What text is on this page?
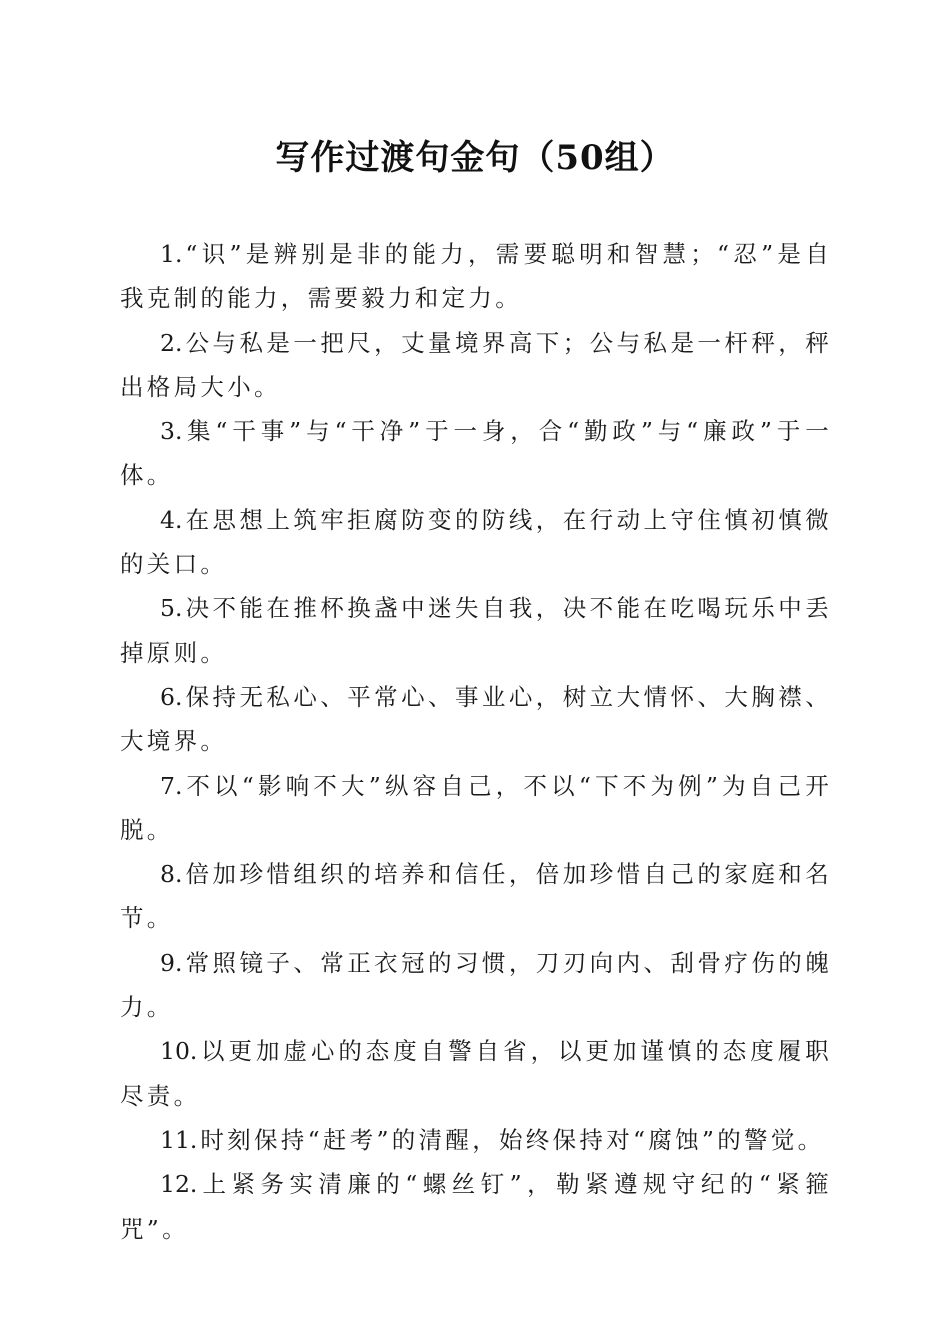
写作过渡句金句（50组）

1. “识”是辨别是非的能力，需要聪明和智慧；“忍”是自我克制的能力，需要毅力和定力。

2. 公与私是一把尺，丈量境界高下；公与私是一杆秤，秤出格局大小。

3. 集“干事”与“干净”于一身，合“勤政”与“廉政”于一体。

4. 在思想上筑牢拒腐防变的防线，在行动上守住慎初慎微的关口。

5. 决不能在推杯换盏中迷失自我，决不能在吃喝玩乐中丢掉原则。

6. 保持无私心、平常心、事业心，树立大情怀、大胸襟、大境界。

7. 不以“影响不大”纵容自己，不以“下不为例”为自己开脱。

8. 倍加珍惜组织的培养和信任，倍加珍惜自己的家庭和名节。

9. 常照镜子、常正衣冠的习惯，刀刃向内、刮骨疗伤的魄力。

10. 以更加虚心的态度自警自省，以更加谨慎的态度履职尽责。

11. 时刻保持“赶考”的清醒，始终保持对“腐蚀”的警觉。

12. 上紧务实清廉的“螺丝钉”，勒紧遵规守纪的“紧箍咒”。
